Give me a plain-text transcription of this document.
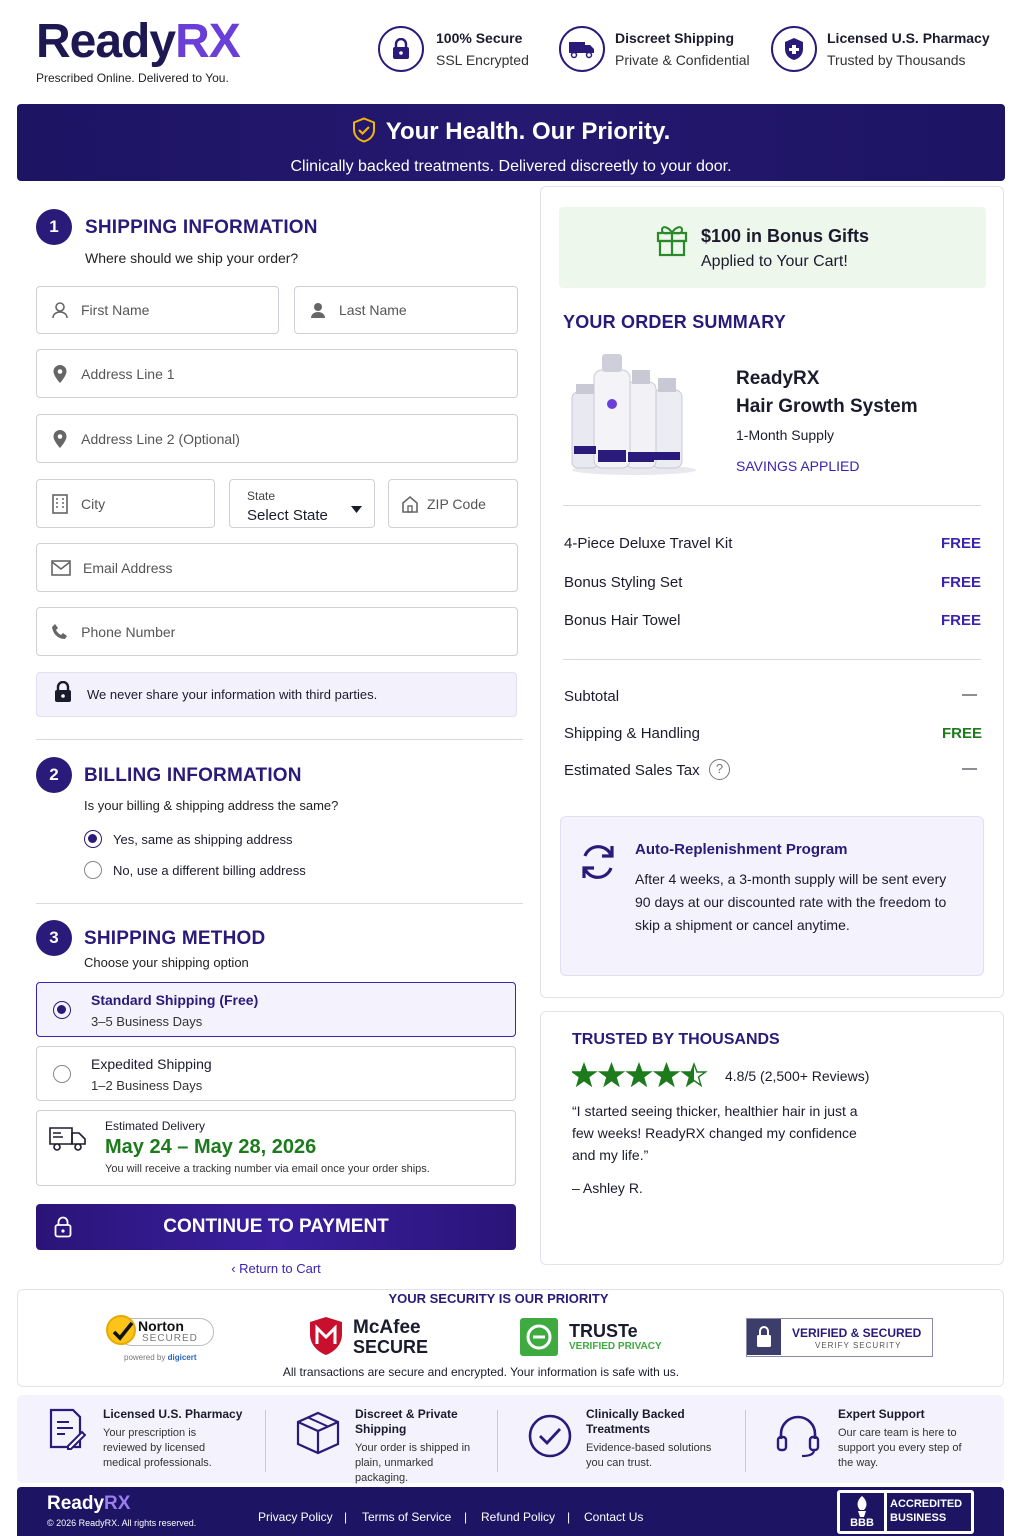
ReadyRX
Prescribed Online. Delivered to You.
100% Secure
SSL Encrypted
Discreet Shipping
Private & Confidential
Licensed U.S. Pharmacy
Trusted by Thousands
Your Health. Our Priority.

Clinically backed treatments. Delivered discreetly to your door.

1	SHIPPING INFORMATION
Where should we ship your order?
First Name
Last Name
Address Line 1
Address Line 2 (Optional)
City
State
Select State
ZIP Code
Email Address
Phone Number
We never share your information with third parties.
2	BILLING INFORMATION
Is your billing & shipping address the same?
Yes, same as shipping address
No, use a different billing address
3	SHIPPING METHOD
Choose your shipping option
Standard Shipping (Free)
3–5 Business Days
Expedited Shipping
1–2 Business Days
Estimated Delivery
May 24 – May 28, 2026
You will receive a tracking number via email once your order ships.
CONTINUE TO PAYMENT
‹ Return to Cart
$100 in Bonus Gifts
Applied to Your Cart!
YOUR ORDER SUMMARY
ReadyRX
Hair Growth System
1-Month Supply
SAVINGS APPLIED
4-Piece Deluxe Travel Kit	FREE
Bonus Styling Set	FREE
Bonus Hair Towel	FREE
Subtotal	—
Shipping & Handling	FREE
Estimated Sales Tax	?	—
Auto-Replenishment Program
After 4 weeks, a 3-month supply will be sent every 90 days at our discounted rate with the freedom to skip a shipment or cancel anytime.
TRUSTED BY THOUSANDS
4.8/5 (2,500+ Reviews)
“I started seeing thicker, healthier hair in just a few weeks! ReadyRX changed my confidence and my life.”
– Ashley R.
YOUR SECURITY IS OUR PRIORITY
Norton
SECURED
powered by digicert
McAfee
SECURE
TRUSTe
VERIFIED PRIVACY
VERIFIED & SECURED
VERIFY SECURITY
All transactions are secure and encrypted. Your information is safe with us.
Licensed U.S. Pharmacy
Your prescription is reviewed by licensed medical professionals.
Discreet & Private Shipping
Your order is shipped in plain, unmarked packaging.
Clinically Backed Treatments
Evidence-based solutions you can trust.
Expert Support
Our care team is here to support you every step of the way.
ReadyRX
© 2026 ReadyRX. All rights reserved.	Privacy Policy | Terms of Service | Refund Policy | Contact Us	BBB
ACCREDITED
BUSINESS
